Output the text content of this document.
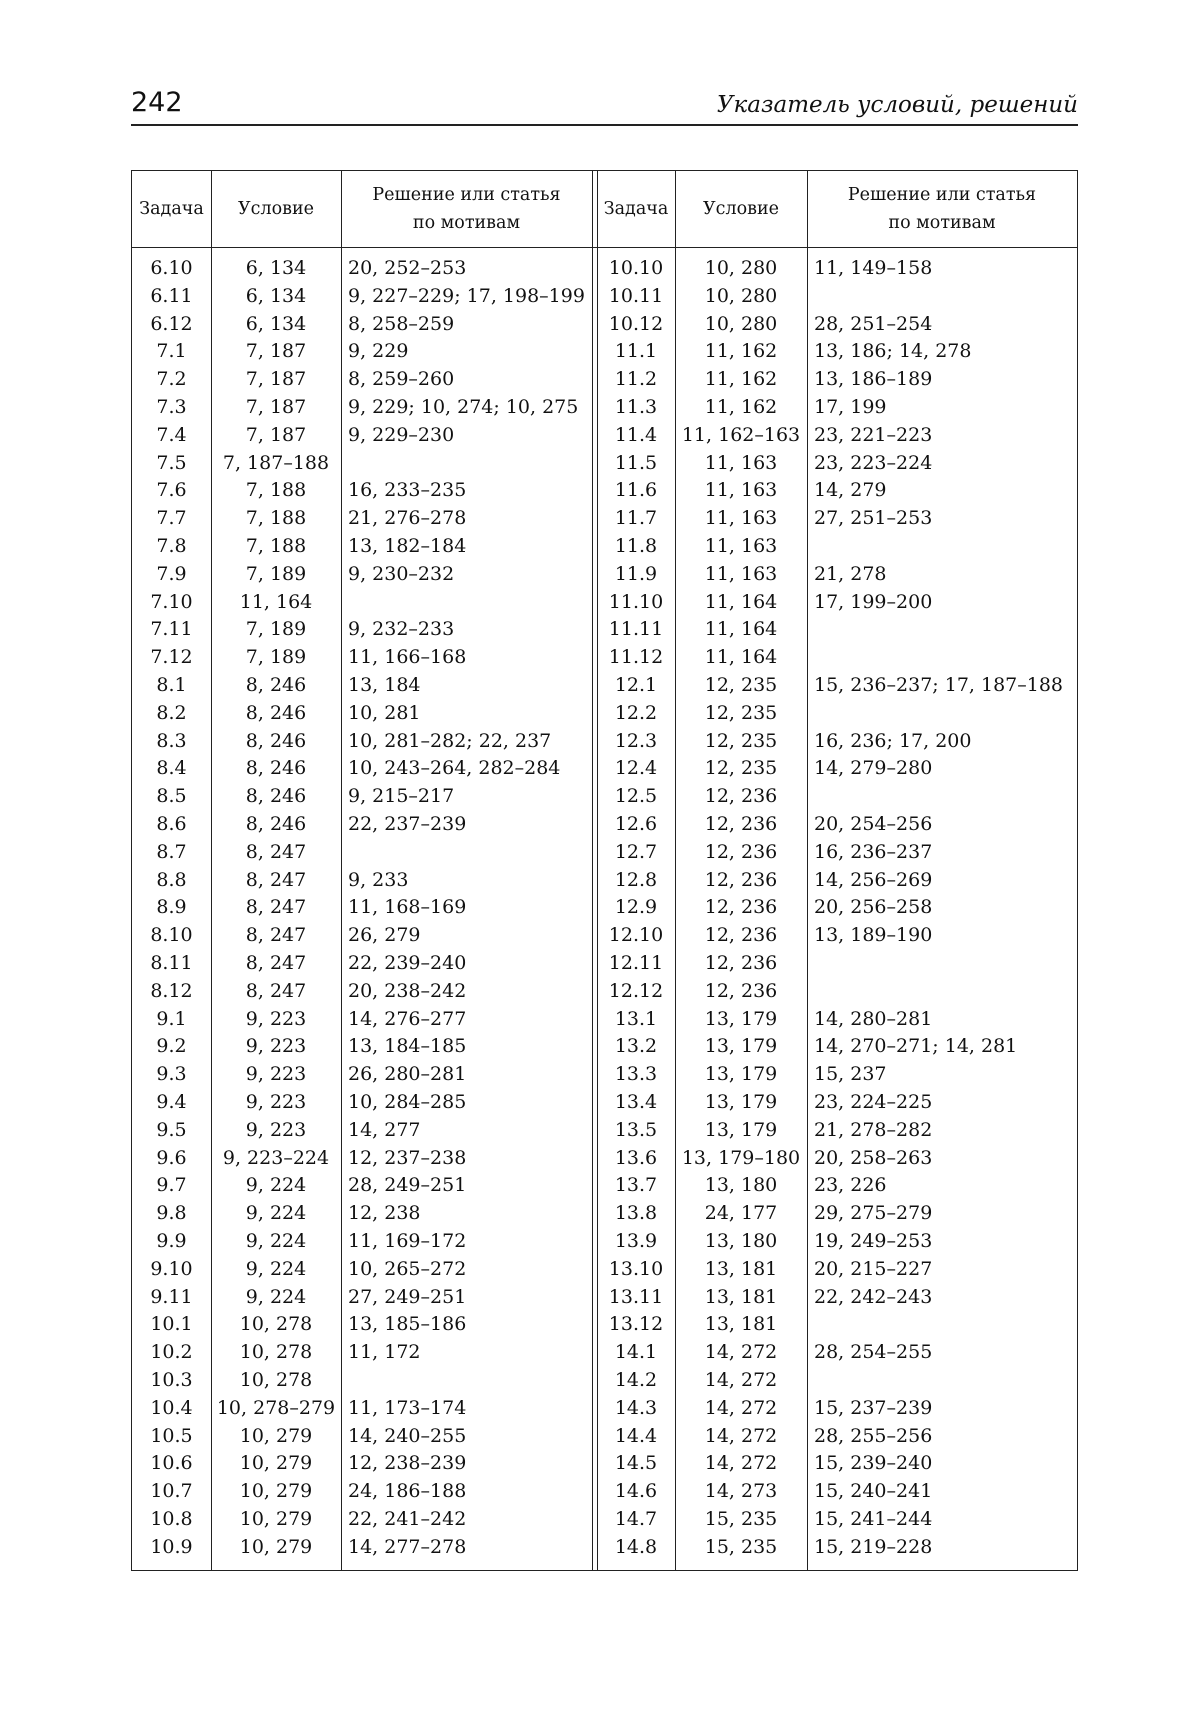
242	Указатель условий, решений
Задача Условие
Решение или статья
по мотивам
Задача Условие
Решение или статья
по мотивам
6.10	6, 134	20, 252–253
6.11	6, 134	9, 227–229; 17, 198–199
6.12	6, 134	8, 258–259
7.1	7, 187	9, 229
7.2	7, 187	8, 259–260
7.3	7, 187	9, 229; 10, 274; 10, 275
7.4	7, 187	9, 229–230
7.5	7, 187–188
7.6	7, 188	16, 233–235
7.7	7, 188	21, 276–278
7.8	7, 188	13, 182–184
7.9	7, 189	9, 230–232
7.10	11, 164
7.11	7, 189	9, 232–233
7.12	7, 189	11, 166–168
8.1	8, 246	13, 184
8.2	8, 246	10, 281
8.3	8, 246	10, 281–282; 22, 237
8.4	8, 246	10, 243–264, 282–284
8.5	8, 246	9, 215–217
8.6	8, 246	22, 237–239
8.7	8, 247
8.8	8, 247	9, 233
8.9	8, 247	11, 168–169
8.10	8, 247	26, 279
8.11	8, 247	22, 239–240
8.12	8, 247	20, 238–242
9.1	9, 223	14, 276–277
9.2	9, 223	13, 184–185
9.3	9, 223	26, 280–281
9.4	9, 223	10, 284–285
9.5	9, 223	14, 277
9.6	9, 223–224 12, 237–238
9.7	9, 224	28, 249–251
9.8	9, 224	12, 238
9.9	9, 224	11, 169–172
9.10	9, 224	10, 265–272
9.11	9, 224	27, 249–251
10.1	10, 278	13, 185–186
10.2	10, 278	11, 172
10.3	10, 278
10.4	10, 278–279 11, 173–174
10.5	10, 279	14, 240–255
10.6	10, 279	12, 238–239
10.7	10, 279	24, 186–188
10.8	10, 279	22, 241–242
10.9	10, 279	14, 277–278
10.10	10, 280	11, 149–158
10.11	10, 280
10.12	10, 280	28, 251–254
11.1	11, 162	13, 186; 14, 278
11.2	11, 162	13, 186–189
11.3	11, 162	17, 199
11.4	11, 162–163 23, 221–223
11.5	11, 163	23, 223–224
11.6	11, 163	14, 279
11.7	11, 163	27, 251–253
11.8	11, 163
11.9	11, 163	21, 278
11.10	11, 164	17, 199–200
11.11	11, 164
11.12	11, 164
12.1	12, 235	15, 236–237; 17, 187–188
12.2	12, 235
12.3	12, 235	16, 236; 17, 200
12.4	12, 235	14, 279–280
12.5	12, 236
12.6	12, 236	20, 254–256
12.7	12, 236	16, 236–237
12.8	12, 236	14, 256–269
12.9	12, 236	20, 256–258
12.10	12, 236	13, 189–190
12.11	12, 236
12.12	12, 236
13.1	13, 179	14, 280–281
13.2	13, 179	14, 270–271; 14, 281
13.3	13, 179	15, 237
13.4	13, 179	23, 224–225
13.5	13, 179	21, 278–282
13.6	13, 179–180 20, 258–263
13.7	13, 180	23, 226
13.8	24, 177	29, 275–279
13.9	13, 180	19, 249–253
13.10	13, 181	20, 215–227
13.11	13, 181	22, 242–243
13.12	13, 181
14.1	14, 272	28, 254–255
14.2	14, 272
14.3	14, 272	15, 237–239
14.4	14, 272	28, 255–256
14.5	14, 272	15, 239–240
14.6	14, 273	15, 240–241
14.7	15, 235	15, 241–244
14.8	15, 235	15, 219–228
